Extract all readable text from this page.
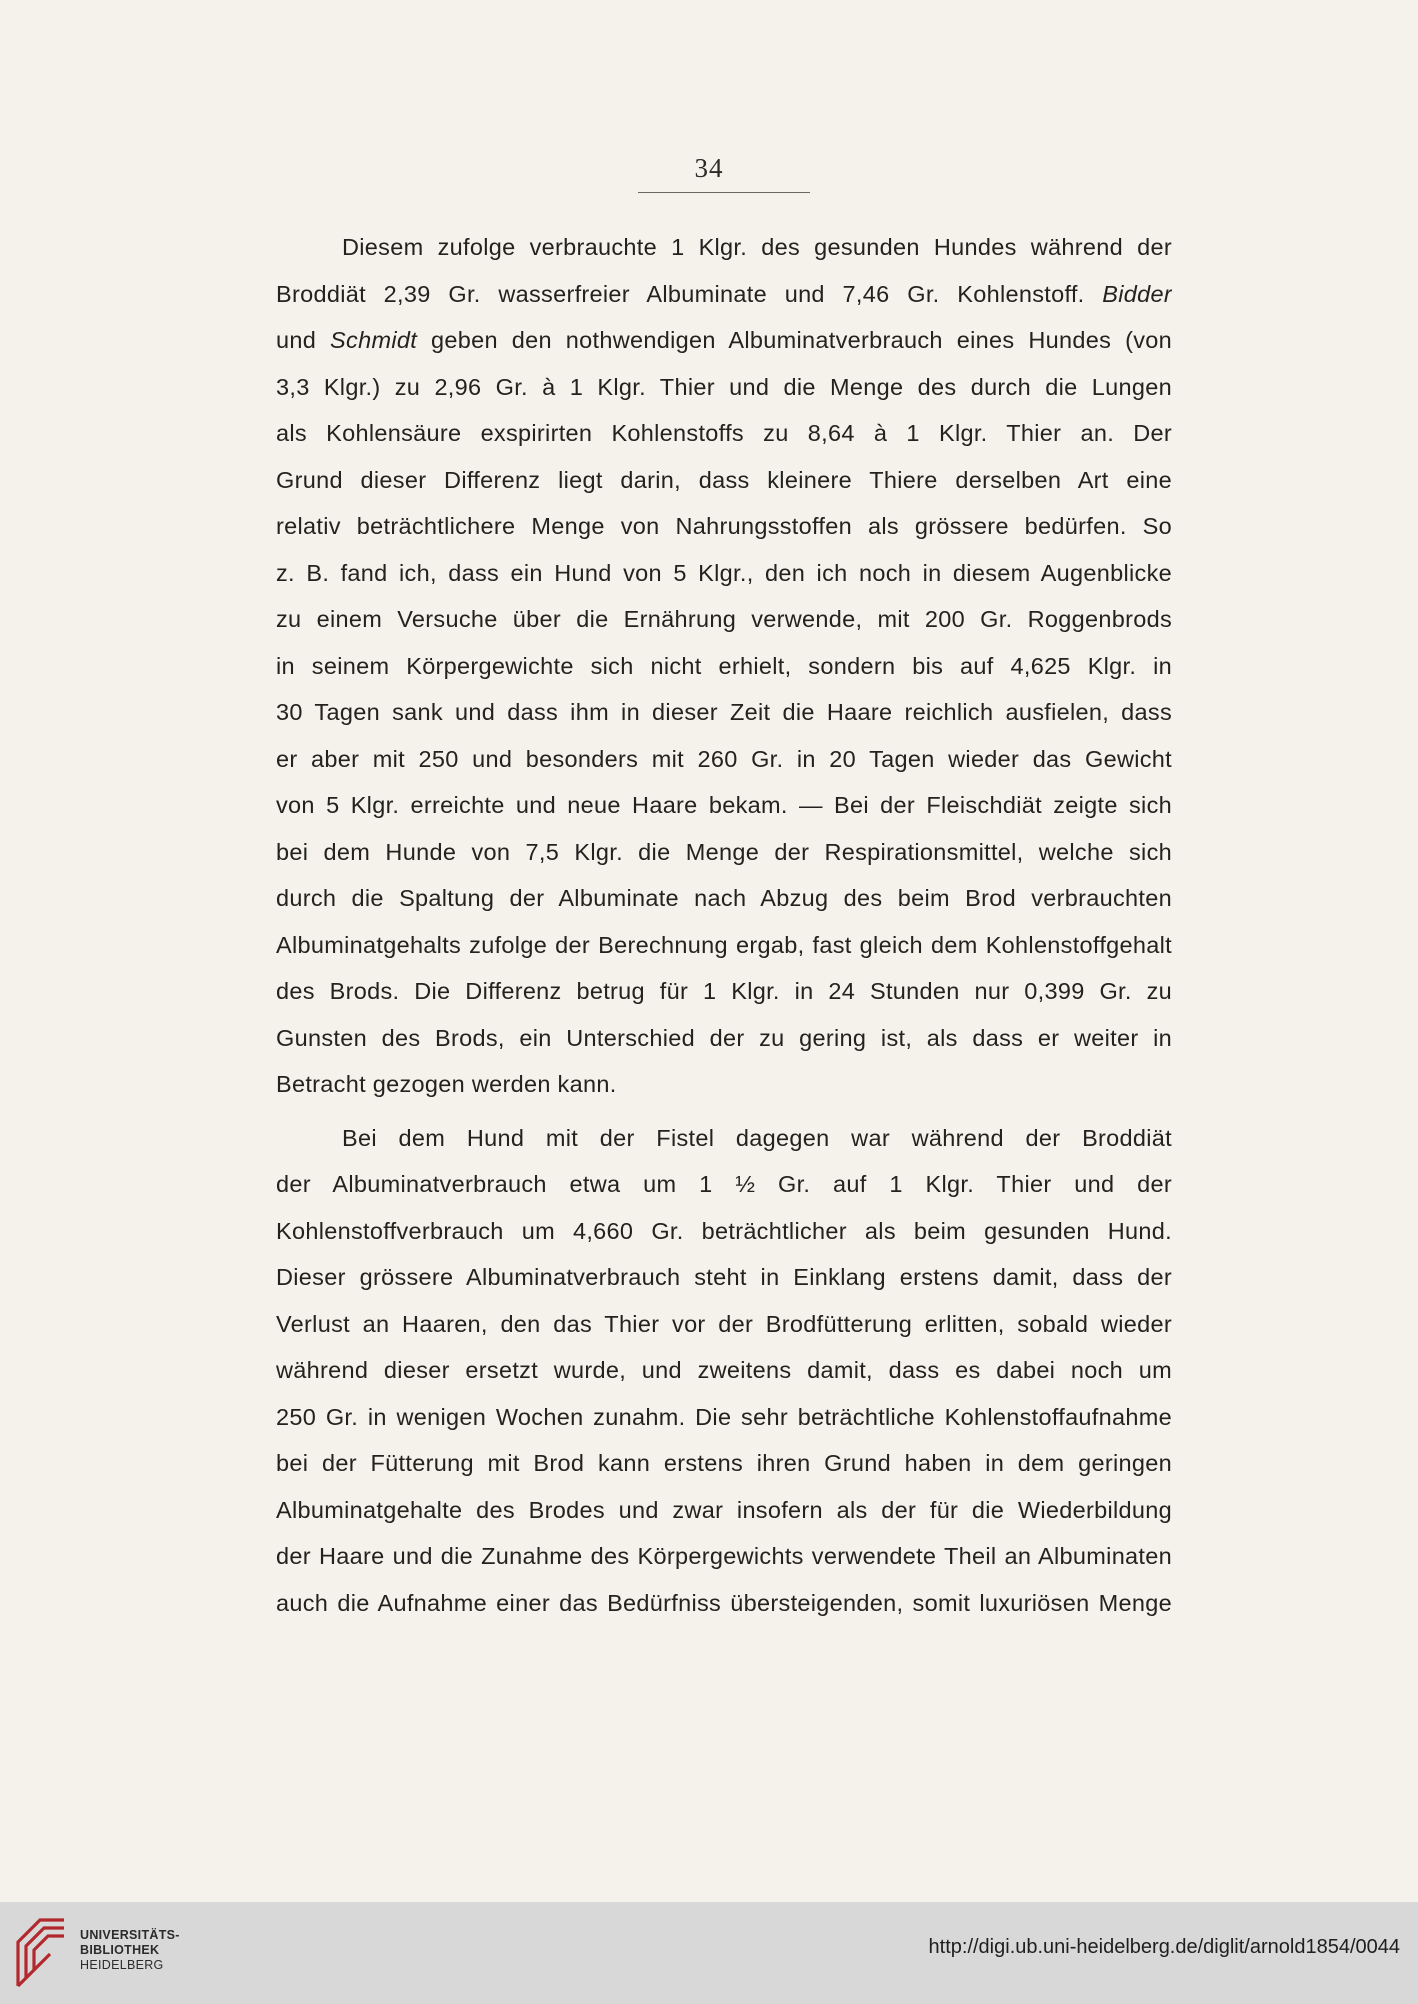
34
Diesem zufolge verbrauchte 1 Klgr. des gesunden Hundes während der
Broddiät 2,39 Gr. wasserfreier Albuminate und 7,46 Gr. Kohlenstoff. Bidder
und Schmidt geben den nothwendigen Albuminatverbrauch eines Hundes (von
3,3 Klgr.) zu 2,96 Gr. à 1 Klgr. Thier und die Menge des durch die Lungen
als Kohlensäure exspirirten Kohlenstoffs zu 8,64 à 1 Klgr. Thier an. Der
Grund dieser Differenz liegt darin, dass kleinere Thiere derselben Art eine
relativ beträchtlichere Menge von Nahrungsstoffen als grössere bedürfen. So
z. B. fand ich, dass ein Hund von 5 Klgr., den ich noch in diesem Augenblicke
zu einem Versuche über die Ernährung verwende, mit 200 Gr. Roggenbrods
in seinem Körpergewichte sich nicht erhielt, sondern bis auf 4,625 Klgr. in
30 Tagen sank und dass ihm in dieser Zeit die Haare reichlich ausfielen, dass
er aber mit 250 und besonders mit 260 Gr. in 20 Tagen wieder das Gewicht
von 5 Klgr. erreichte und neue Haare bekam. — Bei der Fleischdiät zeigte sich
bei dem Hunde von 7,5 Klgr. die Menge der Respirationsmittel, welche sich
durch die Spaltung der Albuminate nach Abzug des beim Brod verbrauchten
Albuminatgehalts zufolge der Berechnung ergab, fast gleich dem Kohlenstoffgehalt
des Brods. Die Differenz betrug für 1 Klgr. in 24 Stunden nur 0,399 Gr. zu
Gunsten des Brods, ein Unterschied der zu gering ist, als dass er weiter in
Betracht gezogen werden kann.
Bei dem Hund mit der Fistel dagegen war während der Broddiät
der Albuminatverbrauch etwa um 1 ½ Gr. auf 1 Klgr. Thier und der
Kohlenstoffverbrauch um 4,660 Gr. beträchtlicher als beim gesunden Hund.
Dieser grössere Albuminatverbrauch steht in Einklang erstens damit, dass der
Verlust an Haaren, den das Thier vor der Brodfütterung erlitten, sobald wieder
während dieser ersetzt wurde, und zweitens damit, dass es dabei noch um
250 Gr. in wenigen Wochen zunahm. Die sehr beträchtliche Kohlenstoffaufnahme
bei der Fütterung mit Brod kann erstens ihren Grund haben in dem geringen
Albuminatgehalte des Brodes und zwar insofern als der für die Wiederbildung
der Haare und die Zunahme des Körpergewichts verwendete Theil an Albuminaten
auch die Aufnahme einer das Bedürfniss übersteigenden, somit luxuriösen Menge
UNIVERSITÄTS-
BIBLIOTHEK
HEIDELBERG
http://digi.ub.uni-heidelberg.de/diglit/arnold1854/0044
